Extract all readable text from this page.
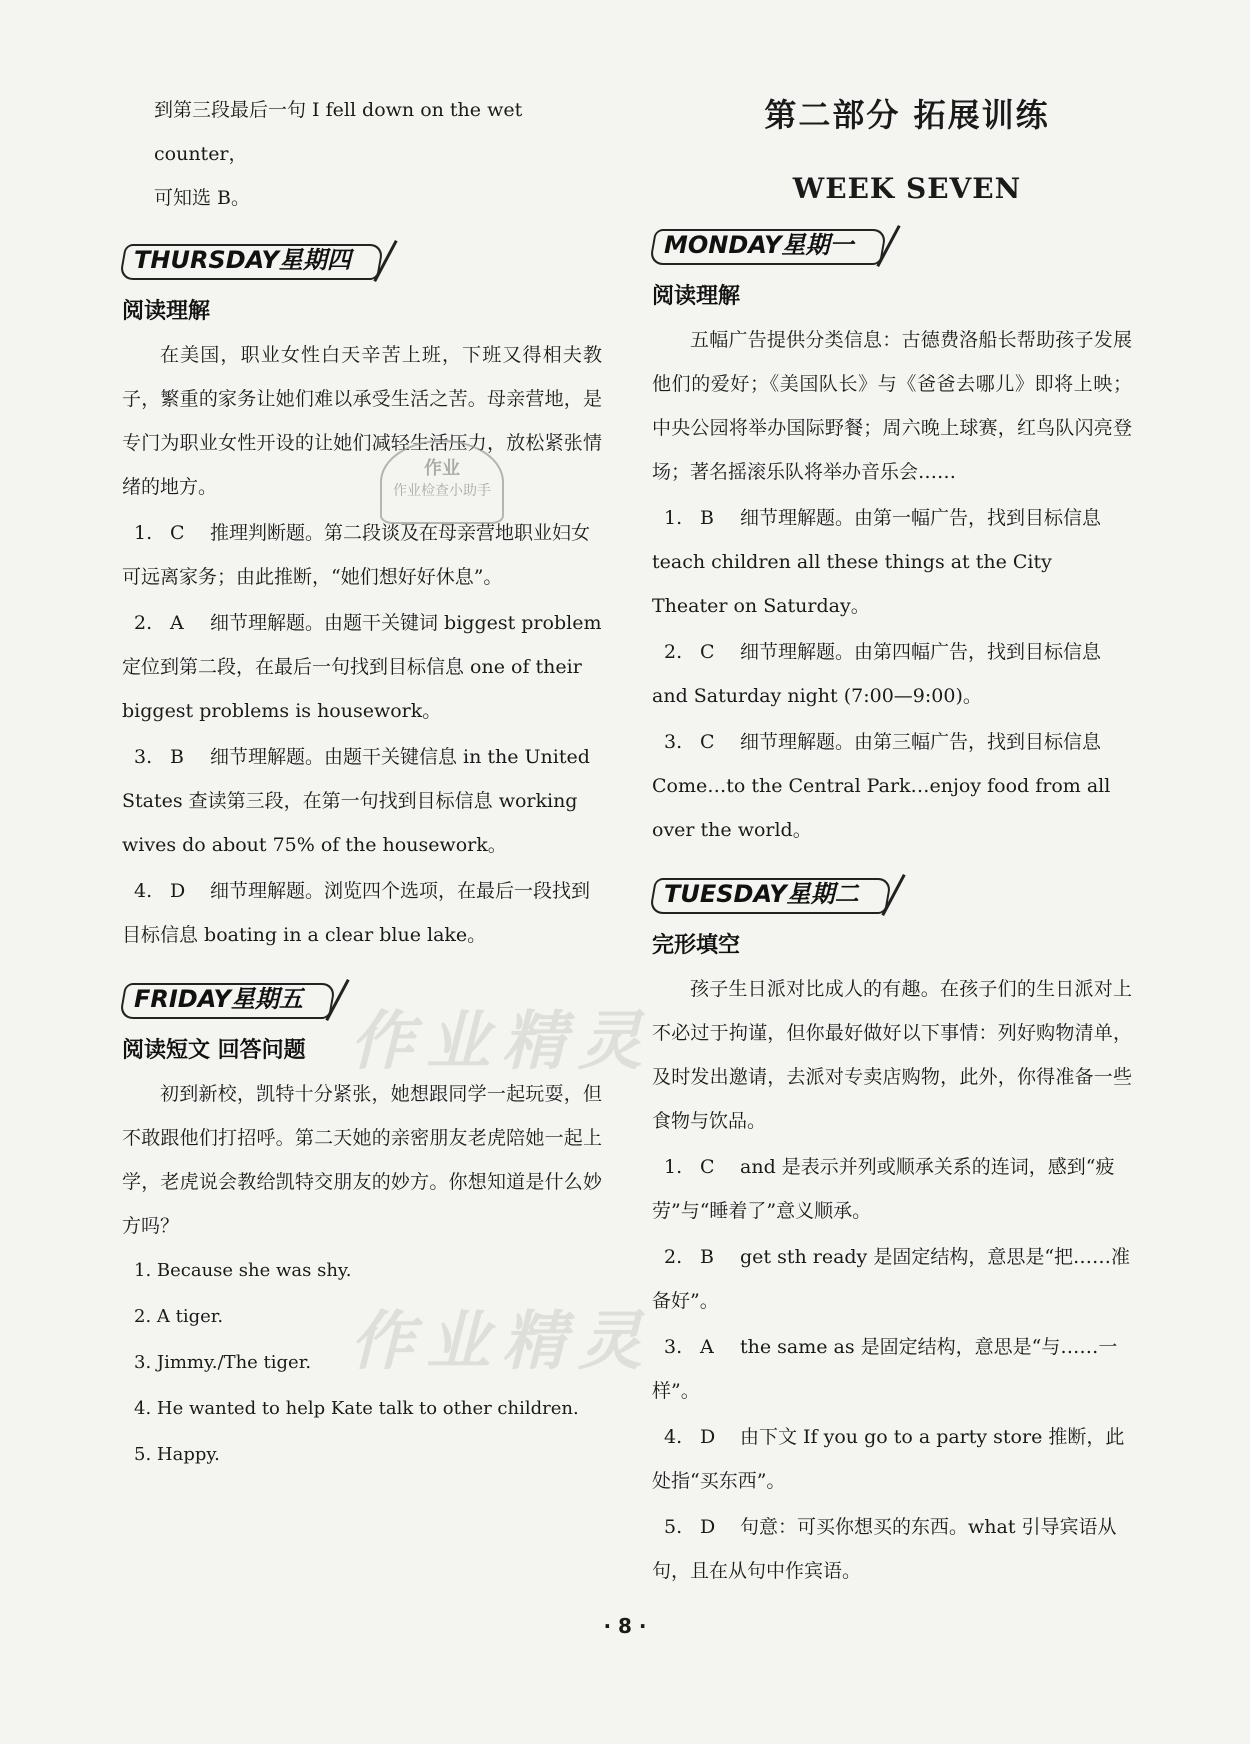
到第三段最后一句 I fell down on the wet counter，
可知选 B。
THURSDAY星期四
阅读理解

在美国，职业女性白天辛苦上班，下班又得相夫教子，繁重的家务让她们难以承受生活之苦。母亲营地，是专门为职业女性开设的让她们减轻生活压力，放松紧张情绪的地方。

1. C 推理判断题。第二段谈及在母亲营地职业妇女可远离家务；由此推断，“她们想好好休息”。
2. A 细节理解题。由题干关键词 biggest problem 定位到第二段，在最后一句找到目标信息 one of their biggest problems is housework。
3. B 细节理解题。由题干关键信息 in the United States 查读第三段，在第一句找到目标信息 working wives do about 75% of the housework。
4. D 细节理解题。浏览四个选项，在最后一段找到目标信息 boating in a clear blue lake。
FRIDAY星期五
阅读短文 回答问题

初到新校，凯特十分紧张，她想跟同学一起玩耍，但不敢跟他们打招呼。第二天她的亲密朋友老虎陪她一起上学，老虎说会教给凯特交朋友的妙方。你想知道是什么妙方吗？

1. Because she was shy.

2. A tiger.

3. Jimmy./The tiger.

4. He wanted to help Kate talk to other children.

5. Happy.

第二部分 拓展训练
WEEK SEVEN
MONDAY星期一
阅读理解

五幅广告提供分类信息：古德费洛船长帮助孩子发展他们的爱好；《美国队长》与《爸爸去哪儿》即将上映；中央公园将举办国际野餐；周六晚上球赛，红鸟队闪亮登场；著名摇滚乐队将举办音乐会……

1. B 细节理解题。由第一幅广告，找到目标信息 teach children all these things at the City Theater on Saturday。
2. C 细节理解题。由第四幅广告，找到目标信息 and Saturday night (7:00—9:00)。
3. C 细节理解题。由第三幅广告，找到目标信息 Come…to the Central Park…enjoy food from all over the world。
TUESDAY星期二
完形填空

孩子生日派对比成人的有趣。在孩子们的生日派对上不必过于拘谨，但你最好做好以下事情：列好购物清单，及时发出邀请，去派对专卖店购物，此外，你得准备一些食物与饮品。

1. C and 是表示并列或顺承关系的连词，感到“疲劳”与“睡着了”意义顺承。
2. B get sth ready 是固定结构，意思是“把……准备好”。
3. A the same as 是固定结构，意思是“与……一样”。
4. D 由下文 If you go to a party store 推断，此处指“买东西”。
5. D 句意：可买你想买的东西。what 引导宾语从句，且在从句中作宾语。
作业
作业检查小助手
作业精灵
作业精灵
· 8 ·
